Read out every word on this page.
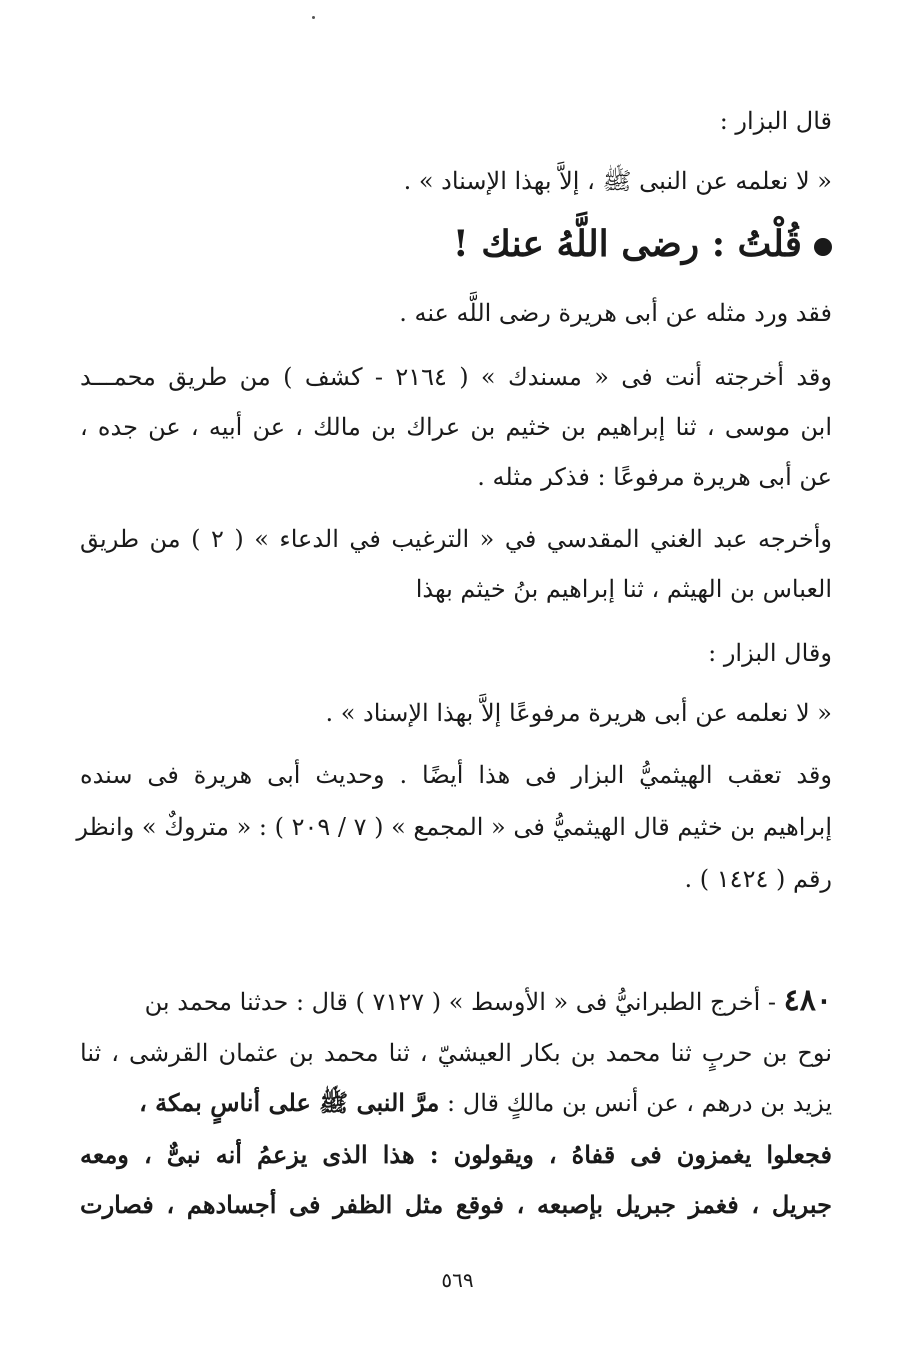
قال البزار :
« لا نعلمه عن النبى ﷺ ، إلاَّ بهذا الإسناد » .
قُلْتُ : رضى اللَّهُ عنك !
فقد ورد مثله عن أبى هريرة رضى اللَّه عنه .
وقد أخرجته أنت فى « مسندك » ( ٢١٦٤ - كشف ) من طريق محمـــد
ابن موسى ، ثنا إبراهيم بن خثيم بن عراك بن مالك ، عن أبيه ، عن جده ،
عن أبى هريرة مرفوعًا : فذكر مثله .
وأخرجه عبد الغني المقدسي في « الترغيب في الدعاء » ( ٢ ) من طريق
العباس بن الهيثم ، ثنا إبراهيم بنُ خيثم بهذا
وقال البزار :
« لا نعلمه عن أبى هريرة مرفوعًا إلاَّ بهذا الإسناد » .
وقد تعقب الهيثميُّ البزار فى هذا أيضًا . وحديث أبى هريرة فى سنده
إبراهيم بن خثيم قال الهيثميُّ فى « المجمع » ( ٧ / ٢٠٩ ) : « متروكٌ » وانظر
رقم ( ١٤٢٤ ) .
٤٨٠ - أخرج الطبرانيُّ فى « الأوسط » ( ٧١٢٧ ) قال : حدثنا محمد بن
نوح بن حربٍ ثنا محمد بن بكار العيشيّ ، ثنا محمد بن عثمان القرشى ، ثنا
يزيد بن درهم ، عن أنس بن مالكٍ قال : مرَّ النبى ﷺ على أناسٍ بمكة ،
فجعلوا يغمزون فى قفاهُ ، ويقولون : هذا الذى يزعمُ أنه نبىٌّ ، ومعه
جبريل ، فغمز جبريل بإصبعه ، فوقع مثل الظفر فى أجسادهم ، فصارت
٥٦٩
